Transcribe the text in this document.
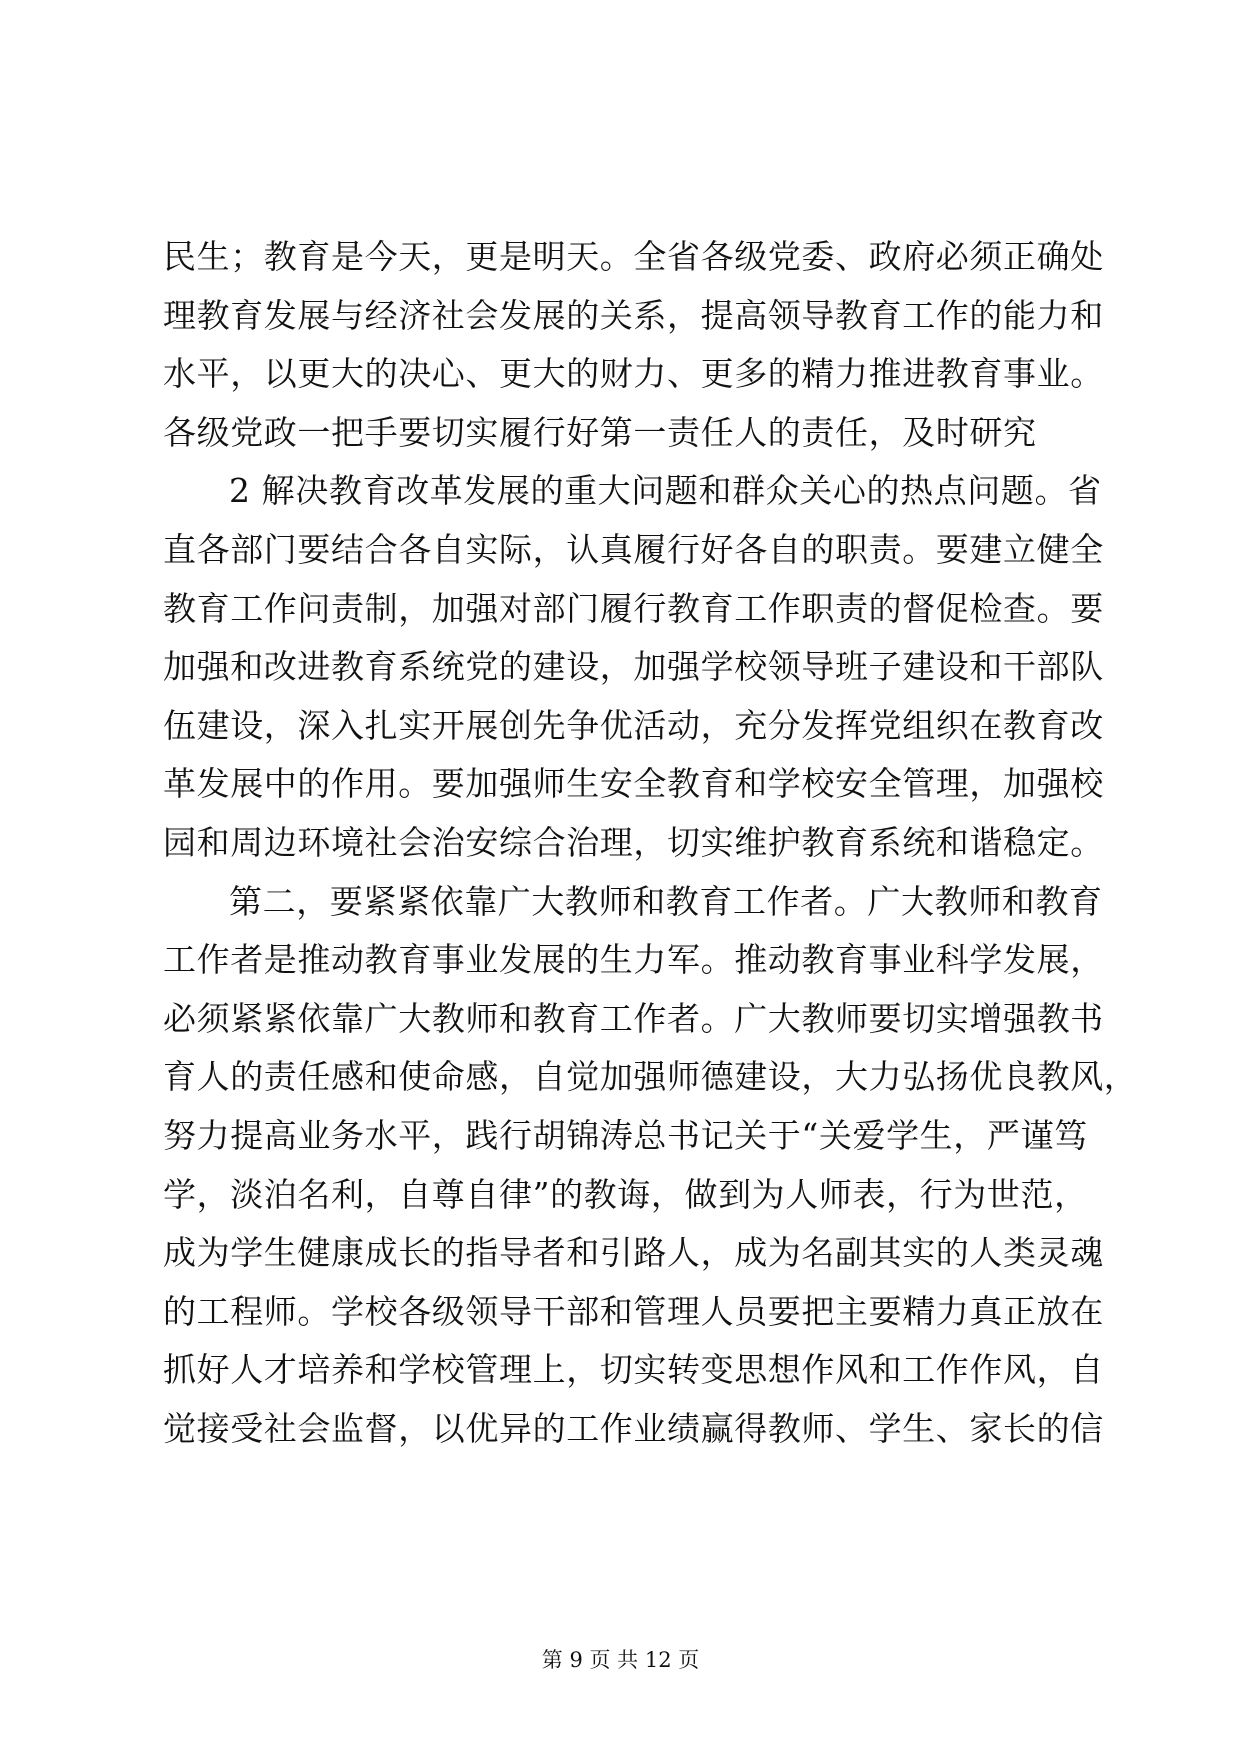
民生；教育是今天，更是明天。全省各级党委、政府必须正确处
理教育发展与经济社会发展的关系，提高领导教育工作的能力和
水平，以更大的决心、更大的财力、更多的精力推进教育事业。
各级党政一把手要切实履行好第一责任人的责任，及时研究

2 解决教育改革发展的重大问题和群众关心的热点问题。省
直各部门要结合各自实际，认真履行好各自的职责。要建立健全
教育工作问责制，加强对部门履行教育工作职责的督促检查。要
加强和改进教育系统党的建设，加强学校领导班子建设和干部队
伍建设，深入扎实开展创先争优活动，充分发挥党组织在教育改
革发展中的作用。要加强师生安全教育和学校安全管理，加强校
园和周边环境社会治安综合治理，切实维护教育系统和谐稳定。

第二，要紧紧依靠广大教师和教育工作者。广大教师和教育
工作者是推动教育事业发展的生力军。推动教育事业科学发展，
必须紧紧依靠广大教师和教育工作者。广大教师要切实增强教书
育人的责任感和使命感，自觉加强师德建设，大力弘扬优良教风，
努力提高业务水平，践行胡锦涛总书记关于“关爱学生，严谨笃
学，淡泊名利，自尊自律”的教诲，做到为人师表，行为世范，
成为学生健康成长的指导者和引路人，成为名副其实的人类灵魂
的工程师。学校各级领导干部和管理人员要把主要精力真正放在
抓好人才培养和学校管理上，切实转变思想作风和工作作风，自
觉接受社会监督，以优异的工作业绩赢得教师、学生、家长的信

第 9 页 共 12 页
